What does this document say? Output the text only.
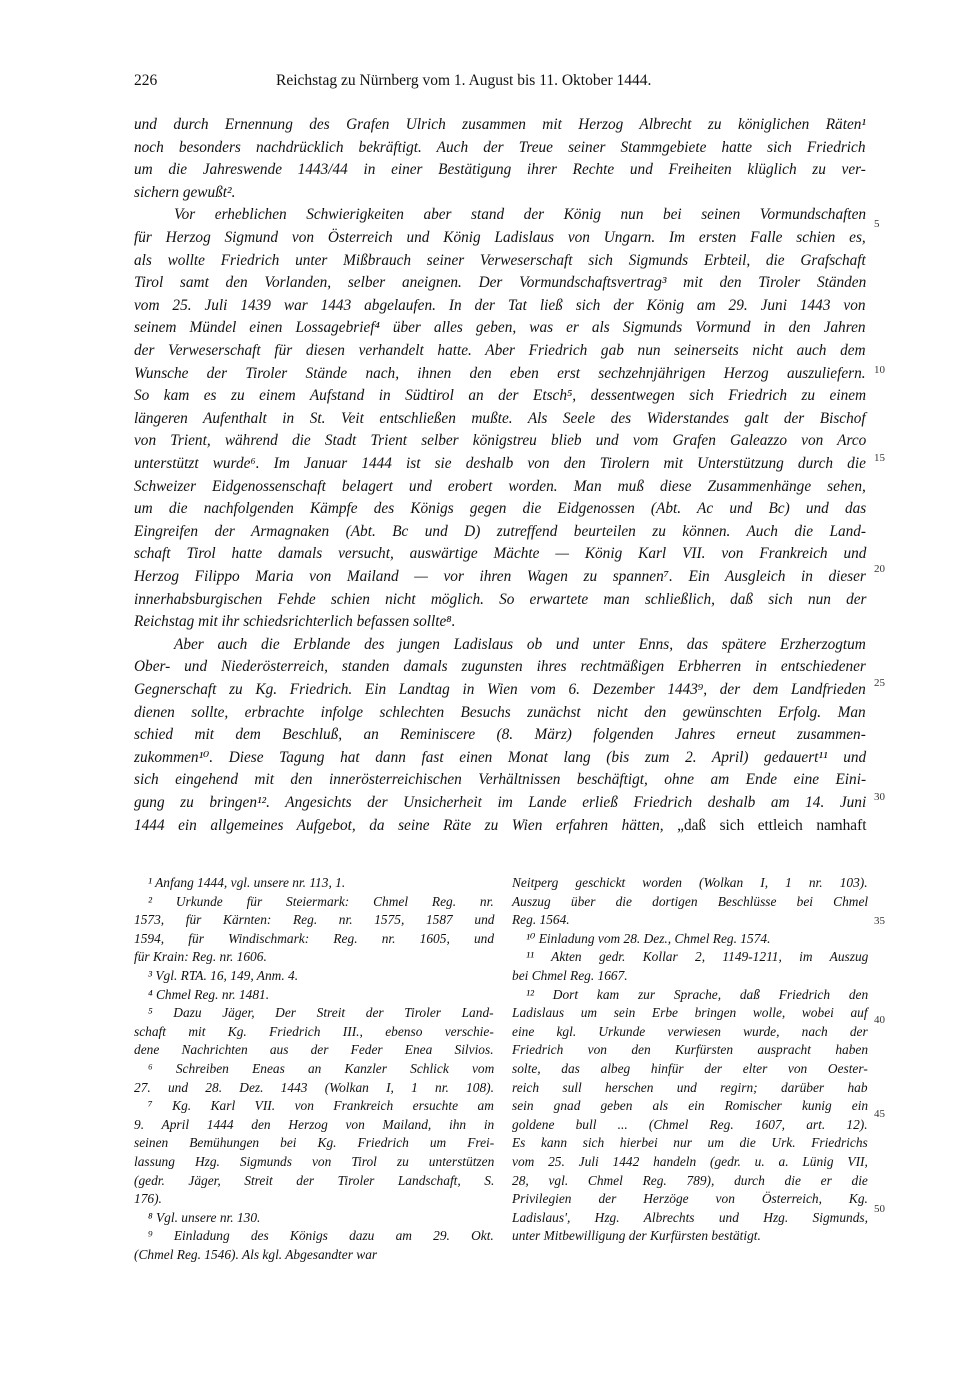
226	Reichstag zu Nürnberg vom 1. August bis 11. Oktober 1444.
und durch Ernennung des Grafen Ulrich zusammen mit Herzog Albrecht zu königlichen Räten¹
noch besonders nachdrücklich bekräftigt. Auch der Treue seiner Stammgebiete hatte sich Friedrich
um die Jahreswende 1443/44 in einer Bestätigung ihrer Rechte und Freiheiten klüglich zu ver-
sichern gewußt².
Vor erheblichen Schwierigkeiten aber stand der König nun bei seinen Vormundschaften
für Herzog Sigmund von Österreich und König Ladislaus von Ungarn. Im ersten Falle schien es,
als wollte Friedrich unter Mißbrauch seiner Verweserschaft sich Sigmunds Erbteil, die Grafschaft
Tirol samt den Vorlanden, selber aneignen. Der Vormundschaftsvertrag³ mit den Tiroler Ständen
vom 25. Juli 1439 war 1443 abgelaufen. In der Tat ließ sich der König am 29. Juni 1443 von
seinem Mündel einen Lossagebrief⁴ über alles geben, was er als Sigmunds Vormund in den Jahren
der Verweserschaft für diesen verhandelt hatte. Aber Friedrich gab nun seinerseits nicht auch dem
Wunsche der Tiroler Stände nach, ihnen den eben erst sechzehnjährigen Herzog auszuliefern.
So kam es zu einem Aufstand in Südtirol an der Etsch⁵, dessentwegen sich Friedrich zu einem
längeren Aufenthalt in St. Veit entschließen mußte. Als Seele des Widerstandes galt der Bischof
von Trient, während die Stadt Trient selber königstreu blieb und vom Grafen Galeazzo von Arco
unterstützt wurde⁶. Im Januar 1444 ist sie deshalb von den Tirolern mit Unterstützung durch die
Schweizer Eidgenossenschaft belagert und erobert worden. Man muß diese Zusammenhänge sehen,
um die nachfolgenden Kämpfe des Königs gegen die Eidgenossen (Abt. Ac und Bc) und das
Eingreifen der Armagnaken (Abt. Bc und D) zutreffend beurteilen zu können. Auch die Land-
schaft Tirol hatte damals versucht, auswärtige Mächte — König Karl VII. von Frankreich und
Herzog Filippo Maria von Mailand — vor ihren Wagen zu spannen⁷. Ein Ausgleich in dieser
innerhabsburgischen Fehde schien nicht möglich. So erwartete man schließlich, daß sich nun der
Reichstag mit ihr schiedsrichterlich befassen sollte⁸.
Aber auch die Erblande des jungen Ladislaus ob und unter Enns, das spätere Erzherzogtum
Ober- und Niederösterreich, standen damals zugunsten ihres rechtmäßigen Erbherren in entschiedener
Gegnerschaft zu Kg. Friedrich. Ein Landtag in Wien vom 6. Dezember 1443⁹, der dem Landfrieden
dienen sollte, erbrachte infolge schlechten Besuchs zunächst nicht den gewünschten Erfolg. Man
schied mit dem Beschluß, an Reminiscere (8. März) folgenden Jahres erneut zusammen-
zukommen¹⁰. Diese Tagung hat dann fast einen Monat lang (bis zum 2. April) gedauert¹¹ und
sich eingehend mit den innerösterreichischen Verhältnissen beschäftigt, ohne am Ende eine Eini-
gung zu bringen¹². Angesichts der Unsicherheit im Lande erließ Friedrich deshalb am 14. Juni
1444 ein allgemeines Aufgebot, da seine Räte zu Wien erfahren hätten, „daß sich ettleich namhaft
5
10
15
20
25
30
35
40
45
50
¹ Anfang 1444, vgl. unsere nr. 113, 1.
² Urkunde für Steiermark: Chmel Reg. nr.
1573, für Kärnten: Reg. nr. 1575, 1587 und
1594, für Windischmark: Reg. nr. 1605, und
für Krain: Reg. nr. 1606.
³ Vgl. RTA. 16, 149, Anm. 4.
⁴ Chmel Reg. nr. 1481.
⁵ Dazu Jäger, Der Streit der Tiroler Land-
schaft mit Kg. Friedrich III., ebenso verschie-
dene Nachrichten aus der Feder Enea Silvios.
⁶ Schreiben Eneas an Kanzler Schlick vom
27. und 28. Dez. 1443 (Wolkan I, 1 nr. 108).
⁷ Kg. Karl VII. von Frankreich ersuchte am
9. April 1444 den Herzog von Mailand, ihn in
seinen Bemühungen bei Kg. Friedrich um Frei-
lassung Hzg. Sigmunds von Tirol zu unterstützen
(gedr. Jäger, Streit der Tiroler Landschaft, S.
176).
⁸ Vgl. unsere nr. 130.
⁹ Einladung des Königs dazu am 29. Okt.
(Chmel Reg. 1546). Als kgl. Abgesandter war
Neitperg geschickt worden (Wolkan I, 1 nr. 103).
Auszug über die dortigen Beschlüsse bei Chmel
Reg. 1564.
¹⁰ Einladung vom 28. Dez., Chmel Reg. 1574.
¹¹ Akten gedr. Kollar 2, 1149-1211, im Auszug
bei Chmel Reg. 1667.
¹² Dort kam zur Sprache, daß Friedrich den
Ladislaus um sein Erbe bringen wolle, wobei auf
eine kgl. Urkunde verwiesen wurde, nach der
Friedrich von den Kurfürsten auspracht haben
solte, das albeg hinfür der elter von Oester-
reich sull herschen und regirn; darüber hab
sein gnad geben als ein Romischer kunig ein
goldene bull ... (Chmel Reg. 1607, art. 12).
Es kann sich hierbei nur um die Urk. Friedrichs
vom 25. Juli 1442 handeln (gedr. u. a. Lünig VII,
28, vgl. Chmel Reg. 789), durch die er die
Privilegien der Herzöge von Österreich, Kg.
Ladislaus', Hzg. Albrechts und Hzg. Sigmunds,
unter Mitbewilligung der Kurfürsten bestätigt.
